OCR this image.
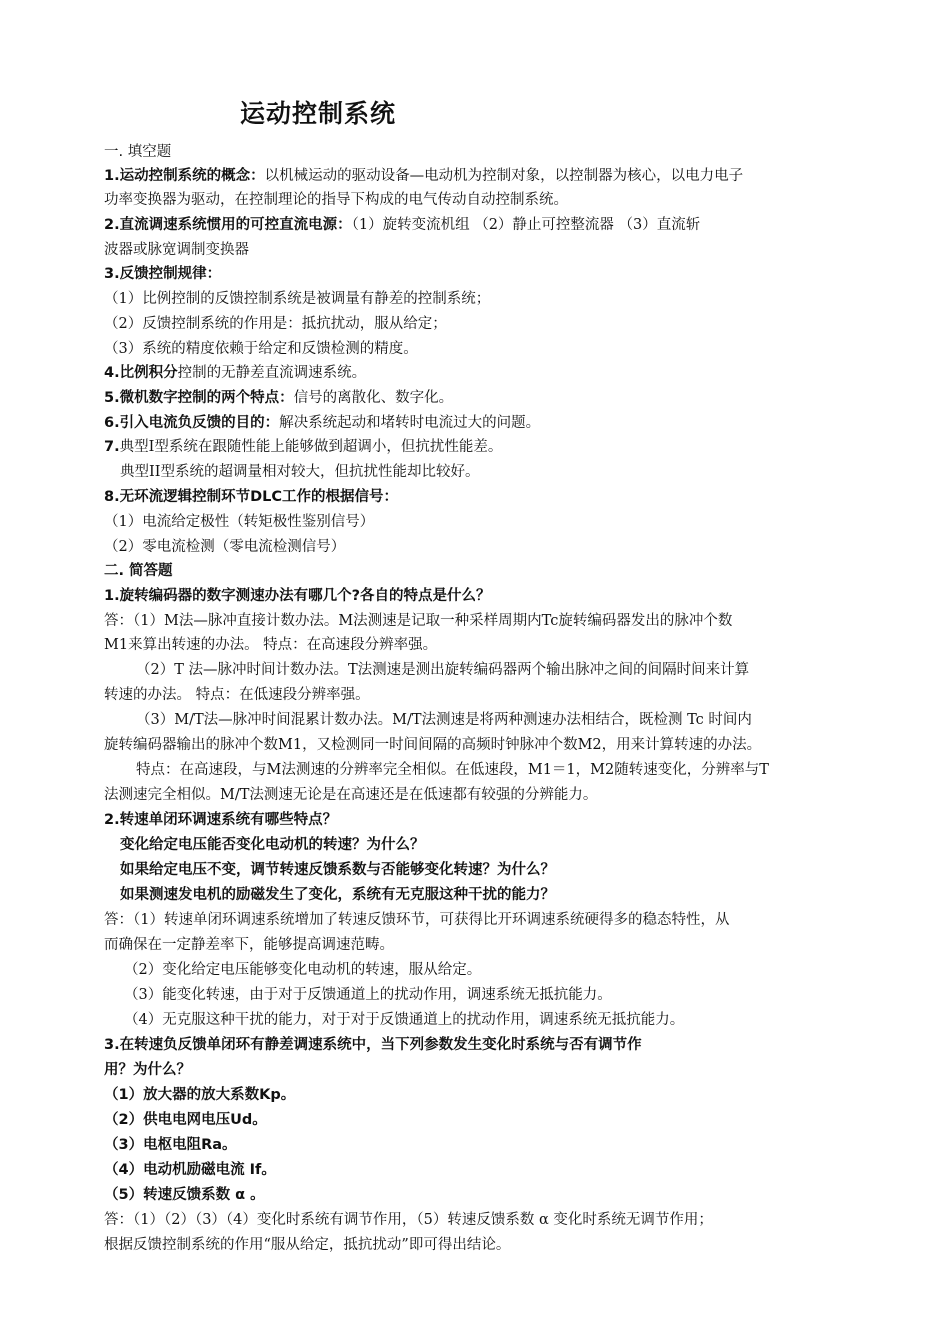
运动控制系统
一. 填空题
1.运动控制系统的概念：以机械运动的驱动设备—电动机为控制对象，以控制器为核心，以电力电子
功率变换器为驱动，在控制理论的指导下构成的电气传动自动控制系统。
2.直流调速系统惯用的可控直流电源：（1）旋转变流机组 （2）静止可控整流器 （3）直流斩
波器或脉宽调制变换器
3.反馈控制规律：
（1）比例控制的反馈控制系统是被调量有静差的控制系统；
（2）反馈控制系统的作用是：抵抗扰动，服从给定；
（3）系统的精度依赖于给定和反馈检测的精度。
4.比例积分控制的无静差直流调速系统。
5.微机数字控制的两个特点：信号的离散化、数字化。
6.引入电流负反馈的目的：解决系统起动和堵转时电流过大的问题。
7.典型Ⅰ型系统在跟随性能上能够做到超调小，但抗扰性能差。
典型II型系统的超调量相对较大，但抗扰性能却比较好。
8.无环流逻辑控制环节DLC工作的根据信号：
（1）电流给定极性（转矩极性鉴别信号）
（2）零电流检测（零电流检测信号）
二. 简答题
1.旋转编码器的数字测速办法有哪几个?各自的特点是什么？
答：（1）M法—脉冲直接计数办法。M法测速是记取一种采样周期内Tc旋转编码器发出的脉冲个数
M1来算出转速的办法。 特点：在高速段分辨率强。
（2）T 法—脉冲时间计数办法。T法测速是测出旋转编码器两个输出脉冲之间的间隔时间来计算
转速的办法。 特点：在低速段分辨率强。
（3）M/T法—脉冲时间混累计数办法。M/T法测速是将两种测速办法相结合，既检测 Tc 时间内
旋转编码器输出的脉冲个数M1，又检测同一时间间隔的高频时钟脉冲个数M2，用来计算转速的办法。
特点：在高速段，与M法测速的分辨率完全相似。在低速段，M1＝1，M2随转速变化，分辨率与T
法测速完全相似。M/T法测速无论是在高速还是在低速都有较强的分辨能力。
2.转速单闭环调速系统有哪些特点？
变化给定电压能否变化电动机的转速？为什么？
如果给定电压不变，调节转速反馈系数与否能够变化转速？为什么？
如果测速发电机的励磁发生了变化，系统有无克服这种干扰的能力？
答：（1）转速单闭环调速系统增加了转速反馈环节，可获得比开环调速系统硬得多的稳态特性，从
而确保在一定静差率下，能够提高调速范畴。
（2）变化给定电压能够变化电动机的转速，服从给定。
（3）能变化转速，由于对于反馈通道上的扰动作用，调速系统无抵抗能力。
（4）无克服这种干扰的能力，对于对于反馈通道上的扰动作用，调速系统无抵抗能力。
3.在转速负反馈单闭环有静差调速系统中，当下列参数发生变化时系统与否有调节作
用？为什么？
（1）放大器的放大系数Kp。
（2）供电电网电压Ud。
（3）电枢电阻Ra。
（4）电动机励磁电流 If。
（5）转速反馈系数 α 。
答：（1）（2）（3）（4）变化时系统有调节作用，（5）转速反馈系数 α 变化时系统无调节作用；
根据反馈控制系统的作用“服从给定，抵抗扰动”即可得出结论。
